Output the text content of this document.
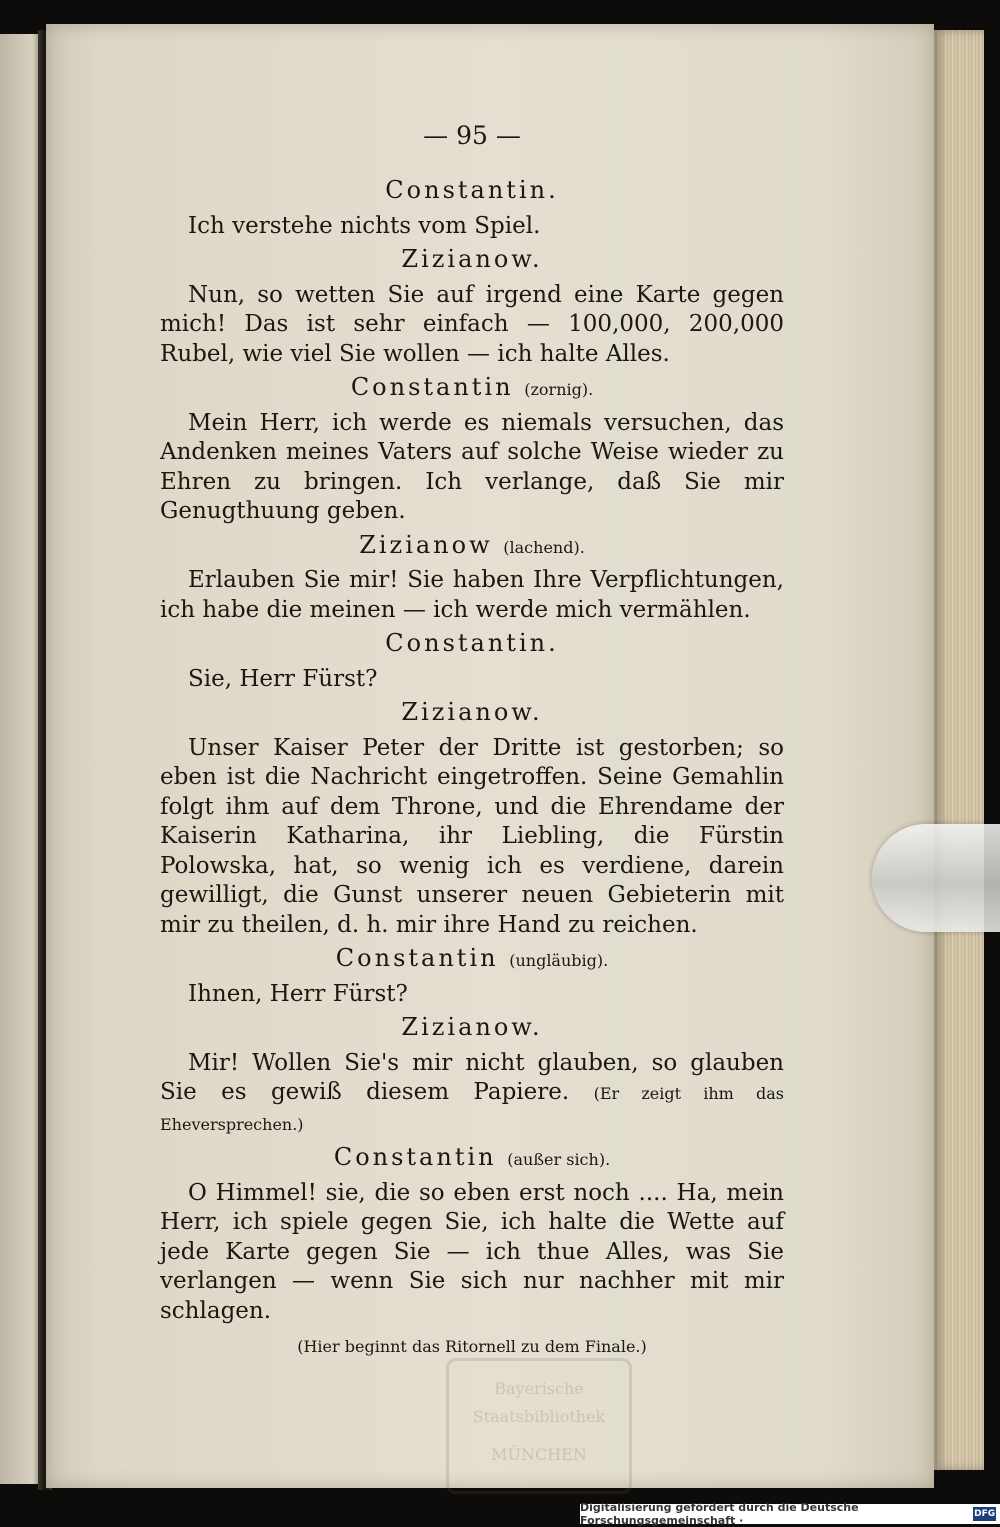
Bayerische
Staatsbibliothek
MÜNCHEN
— 95 —
Constantin.
Ich verstehe nichts vom Spiel.
Zizianow.
Nun, so wetten Sie auf irgend eine Karte gegen mich! Das ist sehr einfach — 100,000, 200,000 Rubel, wie viel Sie wollen — ich halte Alles.
Constantin (zornig).
Mein Herr, ich werde es niemals versuchen, das Andenken meines Vaters auf solche Weise wieder zu Ehren zu bringen. Ich verlange, daß Sie mir Genugthuung geben.
Zizianow (lachend).
Erlauben Sie mir! Sie haben Ihre Verpflichtungen, ich habe die meinen — ich werde mich vermählen.
Constantin.
Sie, Herr Fürst?
Zizianow.
Unser Kaiser Peter der Dritte ist gestorben; so eben ist die Nachricht eingetroffen. Seine Gemahlin folgt ihm auf dem Throne, und die Ehrendame der Kaiserin Katharina, ihr Liebling, die Fürstin Polowska, hat, so wenig ich es verdiene, darein gewilligt, die Gunst unserer neuen Gebieterin mit mir zu theilen, d. h. mir ihre Hand zu reichen.
Constantin (ungläubig).
Ihnen, Herr Fürst?
Zizianow.
Mir! Wollen Sie's mir nicht glauben, so glauben Sie es gewiß diesem Papiere. (Er zeigt ihm das Eheversprechen.)
Constantin (außer sich).
O Himmel! sie, die so eben erst noch .... Ha, mein Herr, ich spiele gegen Sie, ich halte die Wette auf jede Karte gegen Sie — ich thue Alles, was Sie verlangen — wenn Sie sich nur nachher mit mir schlagen.
(Hier beginnt das Ritornell zu dem Finale.)
Digitalisierung gefördert durch die Deutsche Forschungsgemeinschaft ·	DFG
